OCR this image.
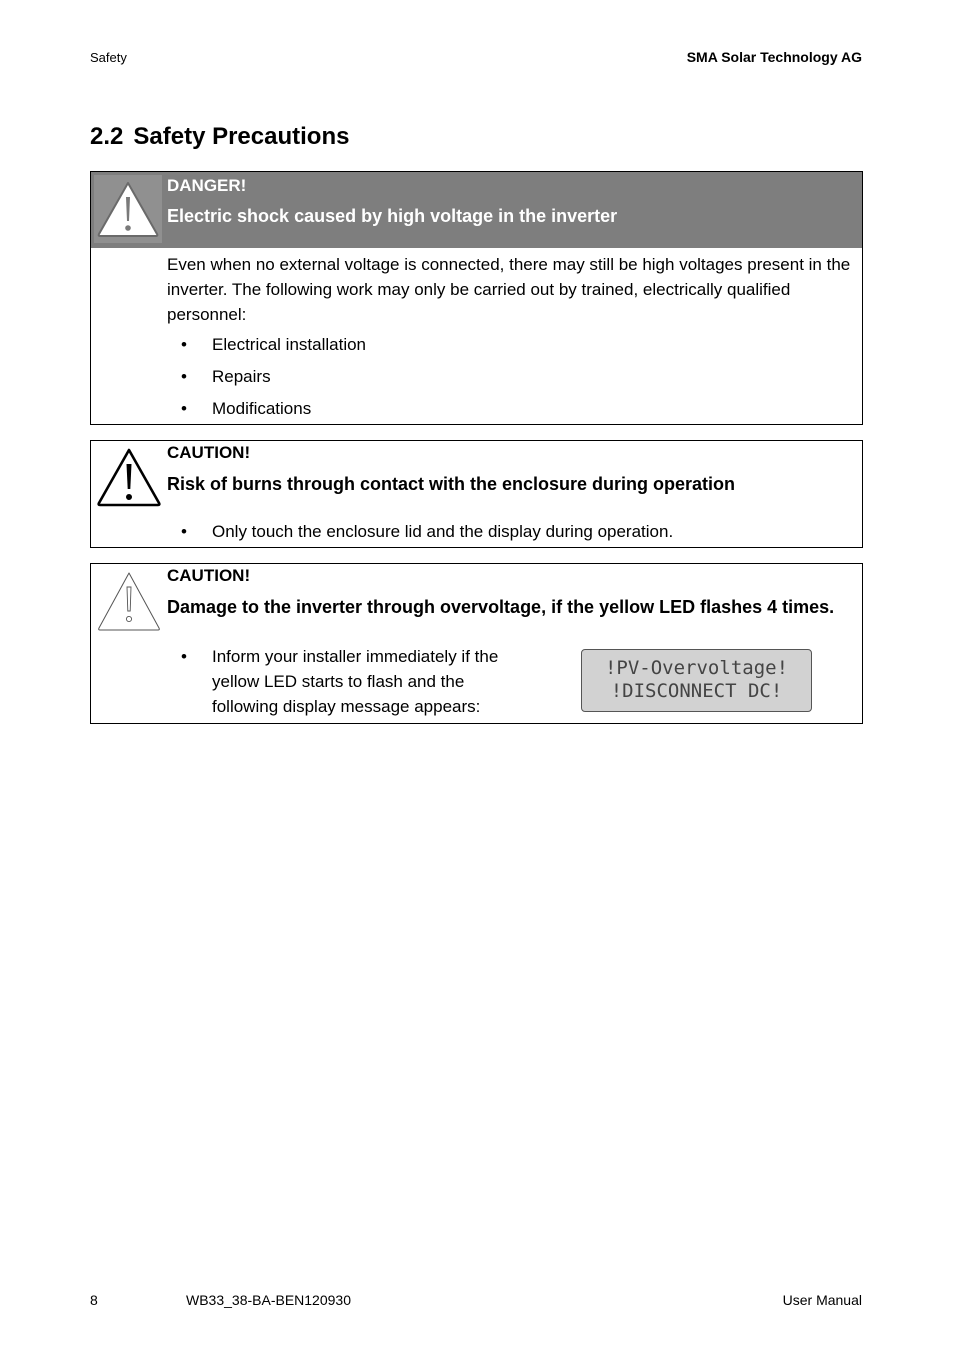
Safety	SMA Solar Technology AG
2.2 Safety Precautions
DANGER!
Electric shock caused by high voltage in the inverter

Even when no external voltage is connected, there may still be high voltages present in the inverter. The following work may only be carried out by trained, electrically qualified personnel:

• Electrical installation
• Repairs
• Modifications
CAUTION!
Risk of burns through contact with the enclosure during operation
• Only touch the enclosure lid and the display during operation.
CAUTION!
Damage to the inverter through overvoltage, if the yellow LED flashes 4 times.
• Inform your installer immediately if the yellow LED starts to flash and the following display message appears:
!PV-Overvoltage!
!DISCONNECT DC!
8	WB33_38-BA-BEN120930	User Manual
